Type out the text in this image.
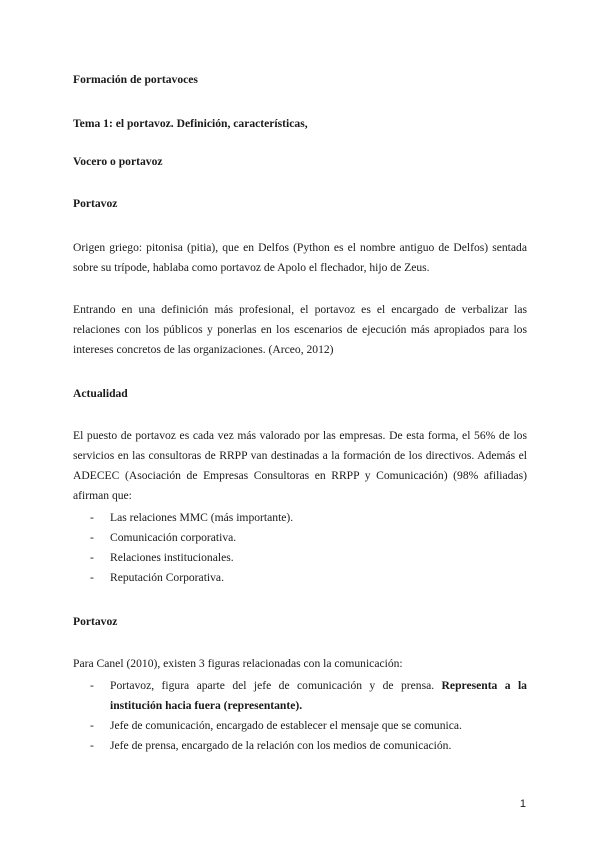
Formación de portavoces
Tema 1: el portavoz. Definición, características,
Vocero o portavoz
Portavoz
Origen griego: pitonisa (pitia), que en Delfos (Python es el nombre antiguo de Delfos) sentada sobre su trípode, hablaba como portavoz de Apolo el flechador, hijo de Zeus.
Entrando en una definición más profesional, el portavoz es el encargado de verbalizar las relaciones con los públicos y ponerlas en los escenarios de ejecución más apropiados para los intereses concretos de las organizaciones. (Arceo, 2012)
Actualidad
El puesto de portavoz es cada vez más valorado por las empresas. De esta forma, el 56% de los servicios en las consultoras de RRPP van destinadas a la formación de los directivos. Además el ADECEC (Asociación de Empresas Consultoras en RRPP y Comunicación) (98% afiliadas) afirman que:
- Las relaciones MMC (más importante).
- Comunicación corporativa.
- Relaciones institucionales.
- Reputación Corporativa.
Portavoz
Para Canel (2010), existen 3 figuras relacionadas con la comunicación:
- Portavoz, figura aparte del jefe de comunicación y de prensa. Representa a la institución hacia fuera (representante).
- Jefe de comunicación, encargado de establecer el mensaje que se comunica.
- Jefe de prensa, encargado de la relación con los medios de comunicación.
1
